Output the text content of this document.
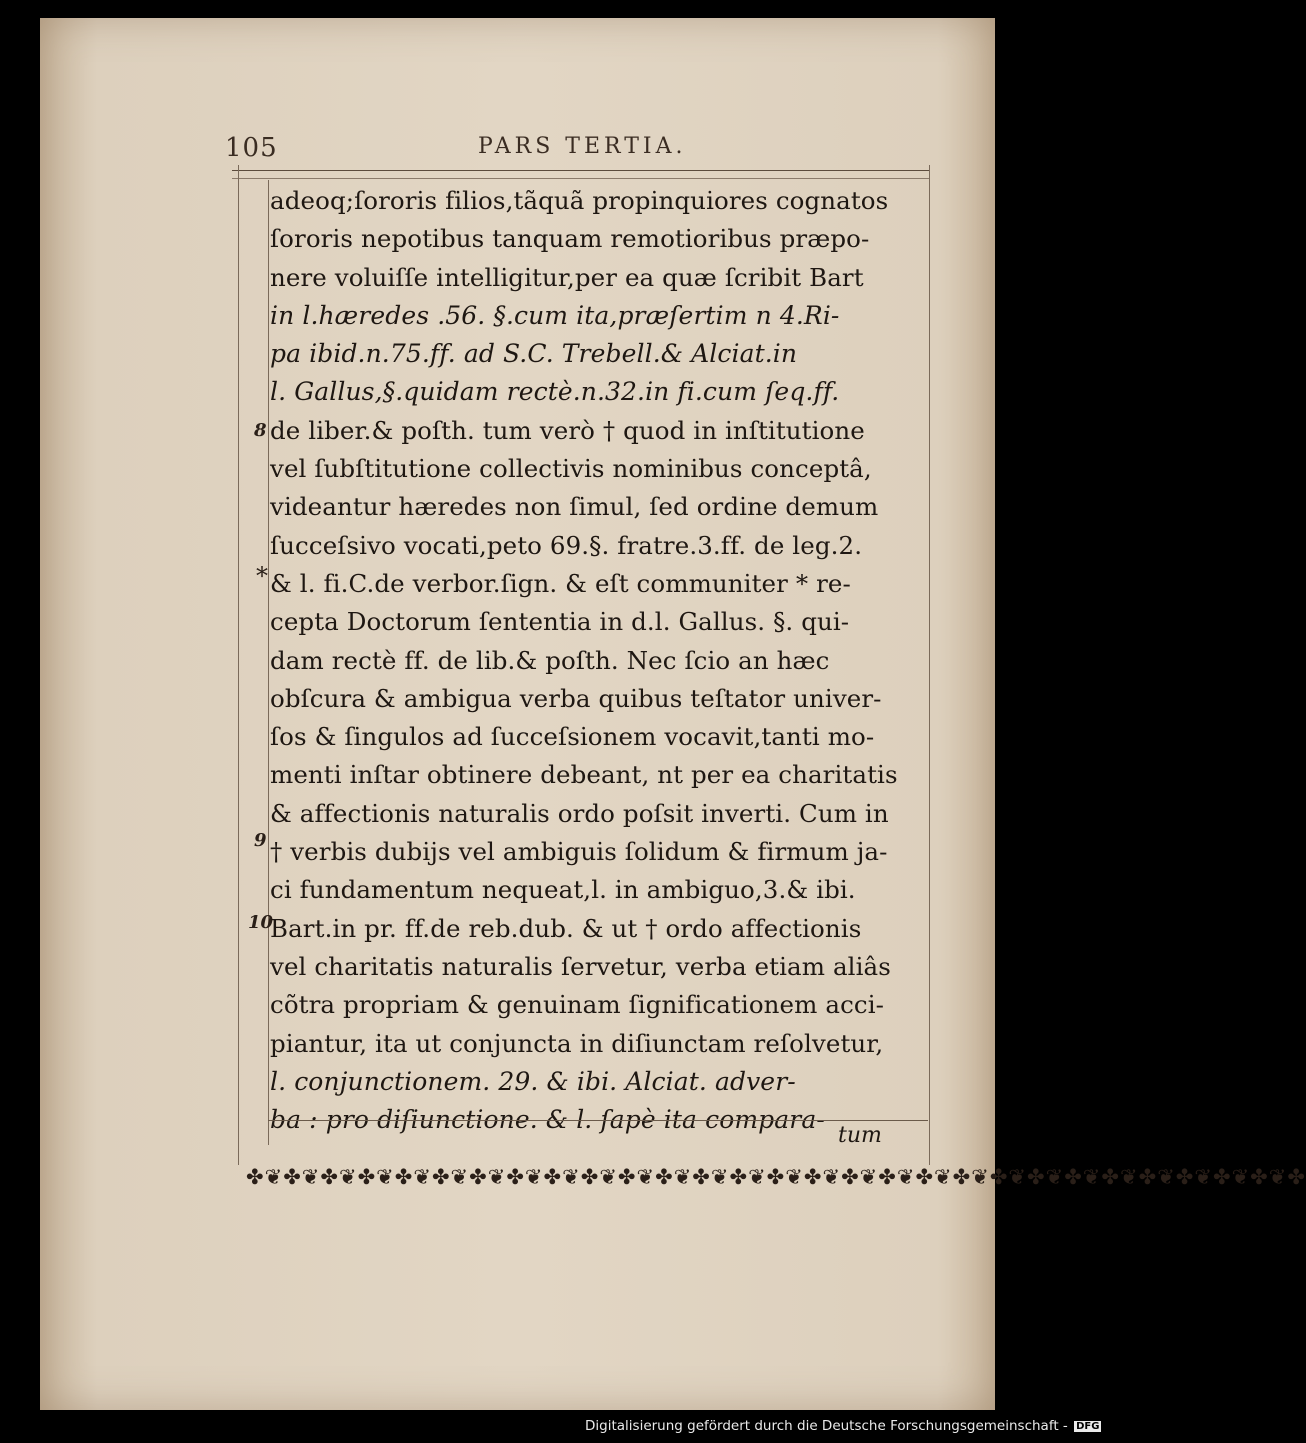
105	PARS TERTIA.
8
*
9
10
adeoq;ſororis filios,tãquã propinquiores cognatos
ſororis nepotibus tanquam remotioribus præpo-
nere voluiſſe intelligitur,per ea quæ ſcribit Bart
in l.hæredes .56. §.cum ita,præſertim n 4.Ri-
pa ibid.n.75.ff. ad S.C. Trebell.& Alciat.in
l. Gallus,§.quidam rectè.n.32.in fi.cum ſeq.ff.
de liber.& poſth. tum verò † quod in inſtitutione
vel ſubſtitutione collectivis nominibus conceptâ,
videantur hæredes non ſimul, ſed ordine demum
ſucceſsivo vocati,peto 69.§. fratre.3.ff. de leg.2.
& l. fi.C.de verbor.ſign. & eſt communiter * re-
cepta Doctorum ſententia in d.l. Gallus. §. qui-
dam rectè ff. de lib.& poſth. Nec ſcio an hæc
obſcura & ambigua verba quibus teſtator univer-
ſos & ſingulos ad ſucceſsionem vocavit,tanti mo-
menti inſtar obtinere debeant, nt per ea charitatis
& affectionis naturalis ordo poſsit inverti. Cum in
† verbis dubijs vel ambiguis ſolidum & firmum ja-
ci fundamentum nequeat,l. in ambiguo,3.& ibi.
Bart.in pr. ff.de reb.dub. & ut † ordo affectionis
vel charitatis naturalis ſervetur, verba etiam aliâs
cõtra propriam & genuinam ſignificationem acci-
piantur, ita ut conjuncta in diſiunctam reſolvetur,
l. conjunctionem. 29. & ibi. Alciat. adver-
ba : pro diſiunctione. & l. ſapè ita compara-
tum
✤❦✤❦✤❦✤❦✤❦✤❦✤❦✤❦✤❦✤❦✤❦✤❦✤❦✤❦✤❦✤❦✤❦✤❦✤❦✤❦✤❦✤❦✤❦✤❦✤❦✤❦✤❦✤❦✤
Digitalisierung gefördert durch die Deutsche Forschungsgemeinschaft - DFG
